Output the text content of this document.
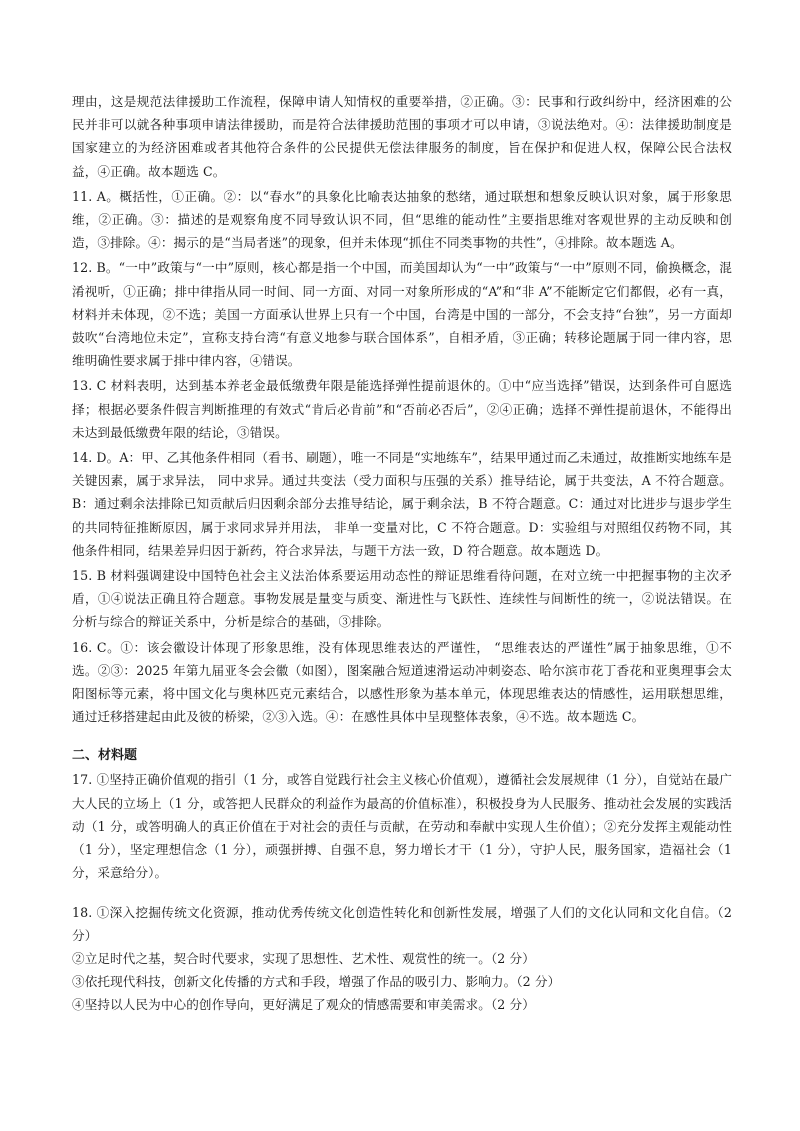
理由，这是规范法律援助工作流程，保障申请人知情权的重要举措，②正确。③：民事和行政纠纷中，经济困难的公民并非可以就各种事项申请法律援助，而是符合法律援助范围的事项才可以申请，③说法绝对。④：法律援助制度是国家建立的为经济困难或者其他符合条件的公民提供无偿法律服务的制度，旨在保护和促进人权，保障公民合法权益，④正确。故本题选 C。

11. A。概括性，①正确。②：以“春水”的具象化比喻表达抽象的愁绪，通过联想和想象反映认识对象，属于形象思维，②正确。③：描述的是观察角度不同导致认识不同，但“思维的能动性”主要指思维对客观世界的主动反映和创造，③排除。④：揭示的是“当局者迷”的现象，但并未体现“抓住不同类事物的共性”，④排除。故本题选 A。

12. B。“一中”政策与“一中”原则，核心都是指一个中国，而美国却认为“一中”政策与“一中”原则不同，偷换概念，混淆视听，①正确；排中律指从同一时间、同一方面、对同一对象所形成的“A”和“非 A”不能断定它们都假，必有一真，材料并未体现，②不选；美国一方面承认世界上只有一个中国，台湾是中国的一部分，不会支持“台独”，另一方面却鼓吹“台湾地位未定”，宣称支持台湾“有意义地参与联合国体系”，自相矛盾，③正确；转移论题属于同一律内容，思维明确性要求属于排中律内容，④错误。

13. C 材料表明，达到基本养老金最低缴费年限是能选择弹性提前退休的。①中“应当选择”错误，达到条件可自愿选择；根据必要条件假言判断推理的有效式“肯后必肯前”和“否前必否后”，②④正确；选择不弹性提前退休，不能得出未达到最低缴费年限的结论，③错误。

14. D。A：甲、乙其他条件相同（看书、刷题），唯一不同是“实地练车”，结果甲通过而乙未通过，故推断实地练车是关键因素，属于求异法， 同中求异。通过共变法（受力面积与压强的关系）推导结论，属于共变法，A 不符合题意。B：通过剩余法排除已知贡献后归因剩余部分去推导结论，属于剩余法，B 不符合题意。C：通过对比进步与退步学生的共同特征推断原因，属于求同求异并用法， 非单一变量对比，C 不符合题意。D：实验组与对照组仅药物不同，其他条件相同，结果差异归因于新药，符合求异法，与题干方法一致，D 符合题意。故本题选 D。

15. B 材料强调建设中国特色社会主义法治体系要运用动态性的辩证思维看待问题，在对立统一中把握事物的主次矛盾，①④说法正确且符合题意。事物发展是量变与质变、渐进性与飞跃性、连续性与间断性的统一，②说法错误。在分析与综合的辩证关系中，分析是综合的基础，③排除。

16. C。①：该会徽设计体现了形象思维，没有体现思维表达的严谨性， “思维表达的严谨性”属于抽象思维，①不选。②③：2025 年第九届亚冬会会徽（如图），图案融合短道速滑运动冲刺姿态、哈尔滨市花丁香花和亚奥理事会太阳图标等元素，将中国文化与奥林匹克元素结合，以感性形象为基本单元，体现思维表达的情感性，运用联想思维，通过迁移搭建起由此及彼的桥梁，②③入选。④：在感性具体中呈现整体表象，④不选。故本题选 C。

二、材料题

17. ①坚持正确价值观的指引（1 分，或答自觉践行社会主义核心价值观），遵循社会发展规律（1 分），自觉站在最广大人民的立场上（1 分，或答把人民群众的利益作为最高的价值标准），积极投身为人民服务、推动社会发展的实践活动（1 分，或答明确人的真正价值在于对社会的责任与贡献，在劳动和奉献中实现人生价值）；②充分发挥主观能动性（1 分），坚定理想信念（1 分），顽强拼搏、自强不息，努力增长才干（1 分），守护人民，服务国家，造福社会（1 分，采意给分）。

18. ①深入挖掘传统文化资源，推动优秀传统文化创造性转化和创新性发展，增强了人们的文化认同和文化自信。（2 分）

②立足时代之基，契合时代要求，实现了思想性、艺术性、观赏性的统一。（2 分）

③依托现代科技，创新文化传播的方式和手段，增强了作品的吸引力、影响力。（2 分）

④坚持以人民为中心的创作导向，更好满足了观众的情感需要和审美需求。（2 分）
